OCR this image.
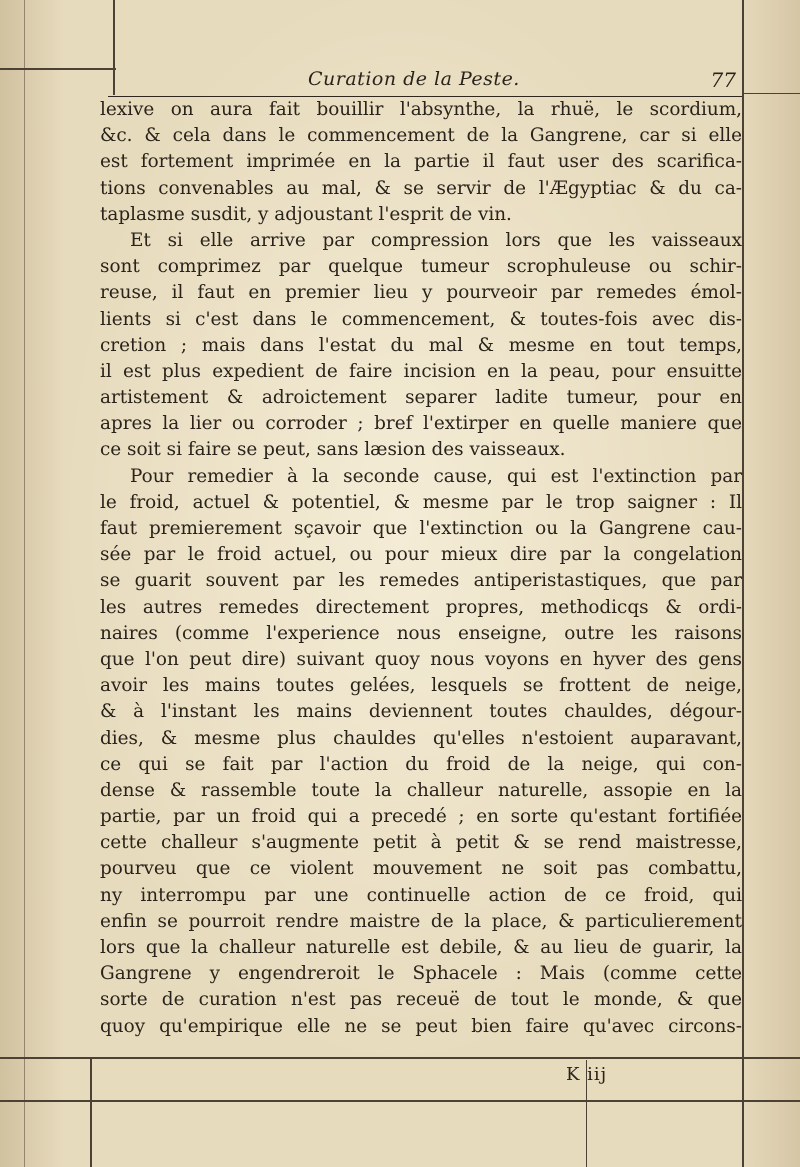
Curation de la Peste.	77
lexive on aura fait bouillir l'absynthe, la rhuë, le scordium,
&c. & cela dans le commencement de la Gangrene, car si elle
est fortement imprimée en la partie il faut user des scarifica-
tions convenables au mal, & se servir de l'Ægyptiac & du ca-
taplasme susdit, y adjoustant l'esprit de vin.
Et si elle arrive par compression lors que les vaisseaux
sont comprimez par quelque tumeur scrophuleuse ou schir-
reuse, il faut en premier lieu y pourveoir par remedes émol-
lients si c'est dans le commencement, & toutes-fois avec dis-
cretion ; mais dans l'estat du mal & mesme en tout temps,
il est plus expedient de faire incision en la peau, pour ensuitte
artistement & adroictement separer ladite tumeur, pour en
apres la lier ou corroder ; bref l'extirper en quelle maniere que
ce soit si faire se peut, sans læsion des vaisseaux.
Pour remedier à la seconde cause, qui est l'extinction par
le froid, actuel & potentiel, & mesme par le trop saigner : Il
faut premierement sçavoir que l'extinction ou la Gangrene cau-
sée par le froid actuel, ou pour mieux dire par la congelation
se guarit souvent par les remedes antiperistastiques, que par
les autres remedes directement propres, methodicqs & ordi-
naires (comme l'experience nous enseigne, outre les raisons
que l'on peut dire) suivant quoy nous voyons en hyver des gens
avoir les mains toutes gelées, lesquels se frottent de neige,
& à l'instant les mains deviennent toutes chauldes, dégour-
dies, & mesme plus chauldes qu'elles n'estoient auparavant,
ce qui se fait par l'action du froid de la neige, qui con-
dense & rassemble toute la challeur naturelle, assopie en la
partie, par un froid qui a precedé ; en sorte qu'estant fortifiée
cette challeur s'augmente petit à petit & se rend maistresse,
pourveu que ce violent mouvement ne soit pas combattu,
ny interrompu par une continuelle action de ce froid, qui
enfin se pourroit rendre maistre de la place, & particulierement
lors que la challeur naturelle est debile, & au lieu de guarir, la
Gangrene y engendreroit le Sphacele : Mais (comme cette
sorte de curation n'est pas receuë de tout le monde, & que
quoy qu'empirique elle ne se peut bien faire qu'avec circons-
K iij
